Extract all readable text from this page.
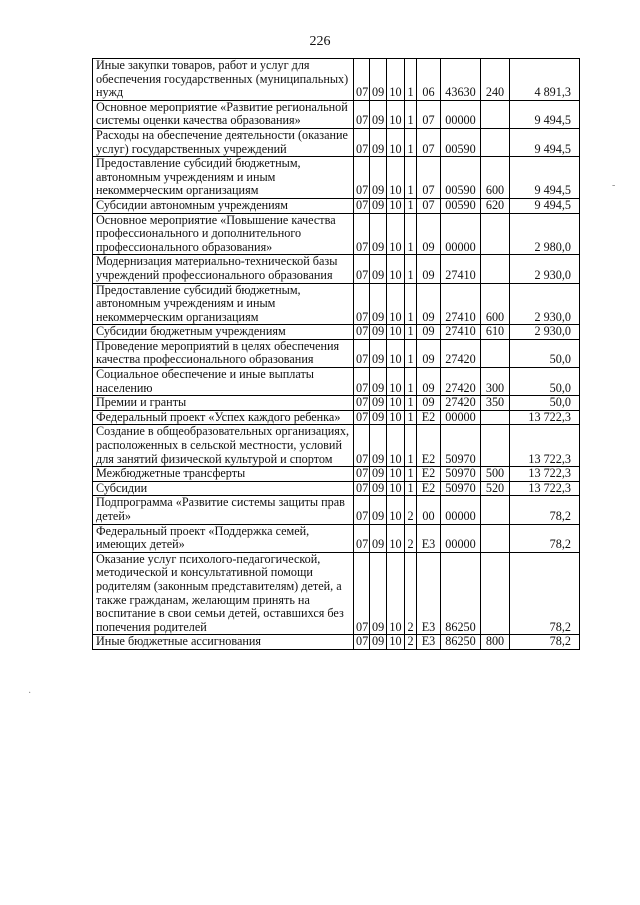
226
Иные закупки товаров, работ и услуг для обеспечения государственных (муниципальных) нужд	07	09	10	1	06	43630	240	4 891,3
Основное мероприятие «Развитие региональной системы оценки качества образования»	07	09	10	1	07	00000		9 494,5
Расходы на обеспечение деятельности (оказание услуг) государственных учреждений	07	09	10	1	07	00590		9 494,5
Предоставление субсидий бюджетным, автономным учреждениям и иным некоммерческим организациям	07	09	10	1	07	00590	600	9 494,5
Субсидии автономным учреждениям	07	09	10	1	07	00590	620	9 494,5
Основное мероприятие «Повышение качества профессионального и дополнительного профессионального образования»	07	09	10	1	09	00000		2 980,0
Модернизация материально-технической базы учреждений профессионального образования	07	09	10	1	09	27410		2 930,0
Предоставление субсидий бюджетным, автономным учреждениям и иным некоммерческим организациям	07	09	10	1	09	27410	600	2 930,0
Субсидии бюджетным учреждениям	07	09	10	1	09	27410	610	2 930,0
Проведение мероприятий в целях обеспечения качества профессионального образования	07	09	10	1	09	27420		50,0
Социальное обеспечение и иные выплаты населению	07	09	10	1	09	27420	300	50,0
Премии и гранты	07	09	10	1	09	27420	350	50,0
Федеральный проект «Успех каждого ребенка»	07	09	10	1	E2	00000		13 722,3
Создание в общеобразовательных организациях, расположенных в сельской местности, условий для занятий физической культурой и спортом	07	09	10	1	E2	50970		13 722,3
Межбюджетные трансферты	07	09	10	1	E2	50970	500	13 722,3
Субсидии	07	09	10	1	E2	50970	520	13 722,3
Подпрограмма «Развитие системы защиты прав детей»	07	09	10	2	00	00000		78,2
Федеральный проект «Поддержка семей, имеющих детей»	07	09	10	2	E3	00000		78,2
Оказание услуг психолого-педагогической, методической и консультативной помощи родителям (законным представителям) детей, а также гражданам, желающим принять на воспитание в свои семьи детей, оставшихся без попечения родителей	07	09	10	2	E3	86250		78,2
Иные бюджетные ассигнования	07	09	10	2	E3	86250	800	78,2
-
·
